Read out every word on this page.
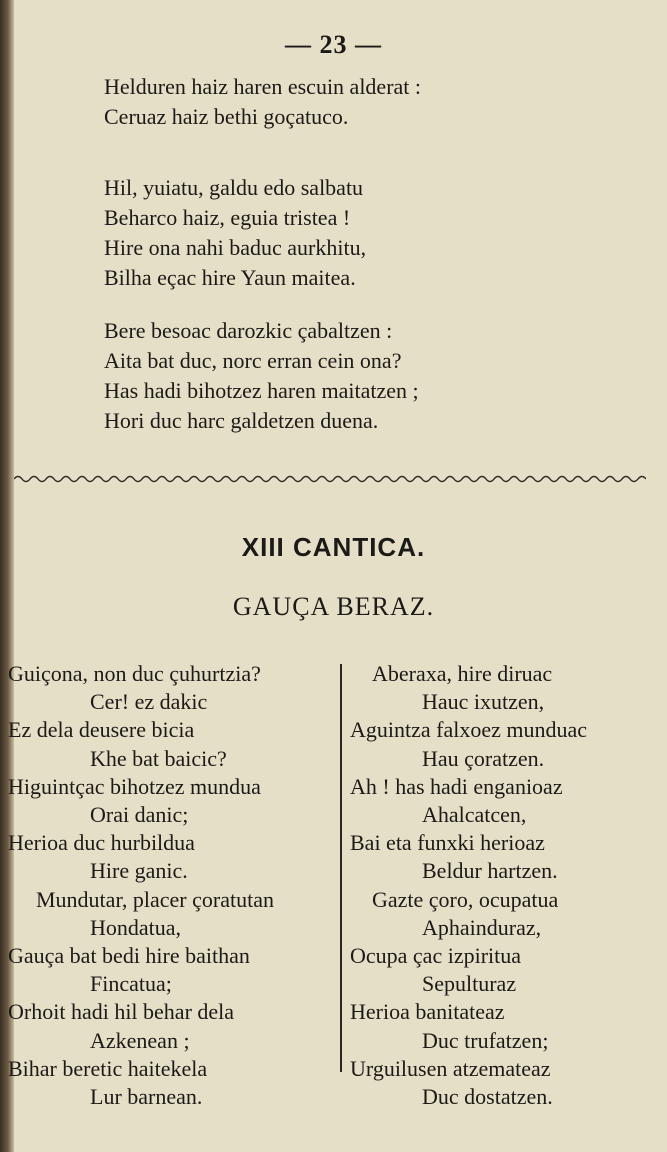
— 23 —
Helduren haiz haren escuin alderat :
Ceruaz haiz bethi goçatuco.
Hil, yuiatu, galdu edo salbatu
Beharco haiz, eguia tristea !
Hire ona nahi baduc aurkhitu,
Bilha eçac hire Yaun maitea.
Bere besoac darozkic çabaltzen :
Aita bat duc, norc erran cein ona?
Has hadi bihotzez haren maitatzen ;
Hori duc harc galdetzen duena.
XIII CANTICA.
GAUÇA BERAZ.
Guiçona, non duc çuhurtzia?
Cer! ez dakic
Ez dela deusere bicia
Khe bat baicic?
Higuintçac bihotzez mundua
Orai danic;
Herioa duc hurbildua
Hire ganic.
Mundutar, placer çoratutan
Hondatua,
Gauça bat bedi hire baithan
Fincatua;
Orhoit hadi hil behar dela
Azkenean ;
Bihar beretic haitekela
Lur barnean.
Aberaxa, hire diruac
Hauc ixutzen,
Aguintza falxoez munduac
Hau çoratzen.
Ah ! has hadi enganioaz
Ahalcatcen,
Bai eta funxki herioaz
Beldur hartzen.
Gazte çoro, ocupatua
Aphainduraz,
Ocupa çac izpiritua
Sepulturaz
Herioa banitateaz
Duc trufatzen;
Urguilusen atzemateaz
Duc dostatzen.
